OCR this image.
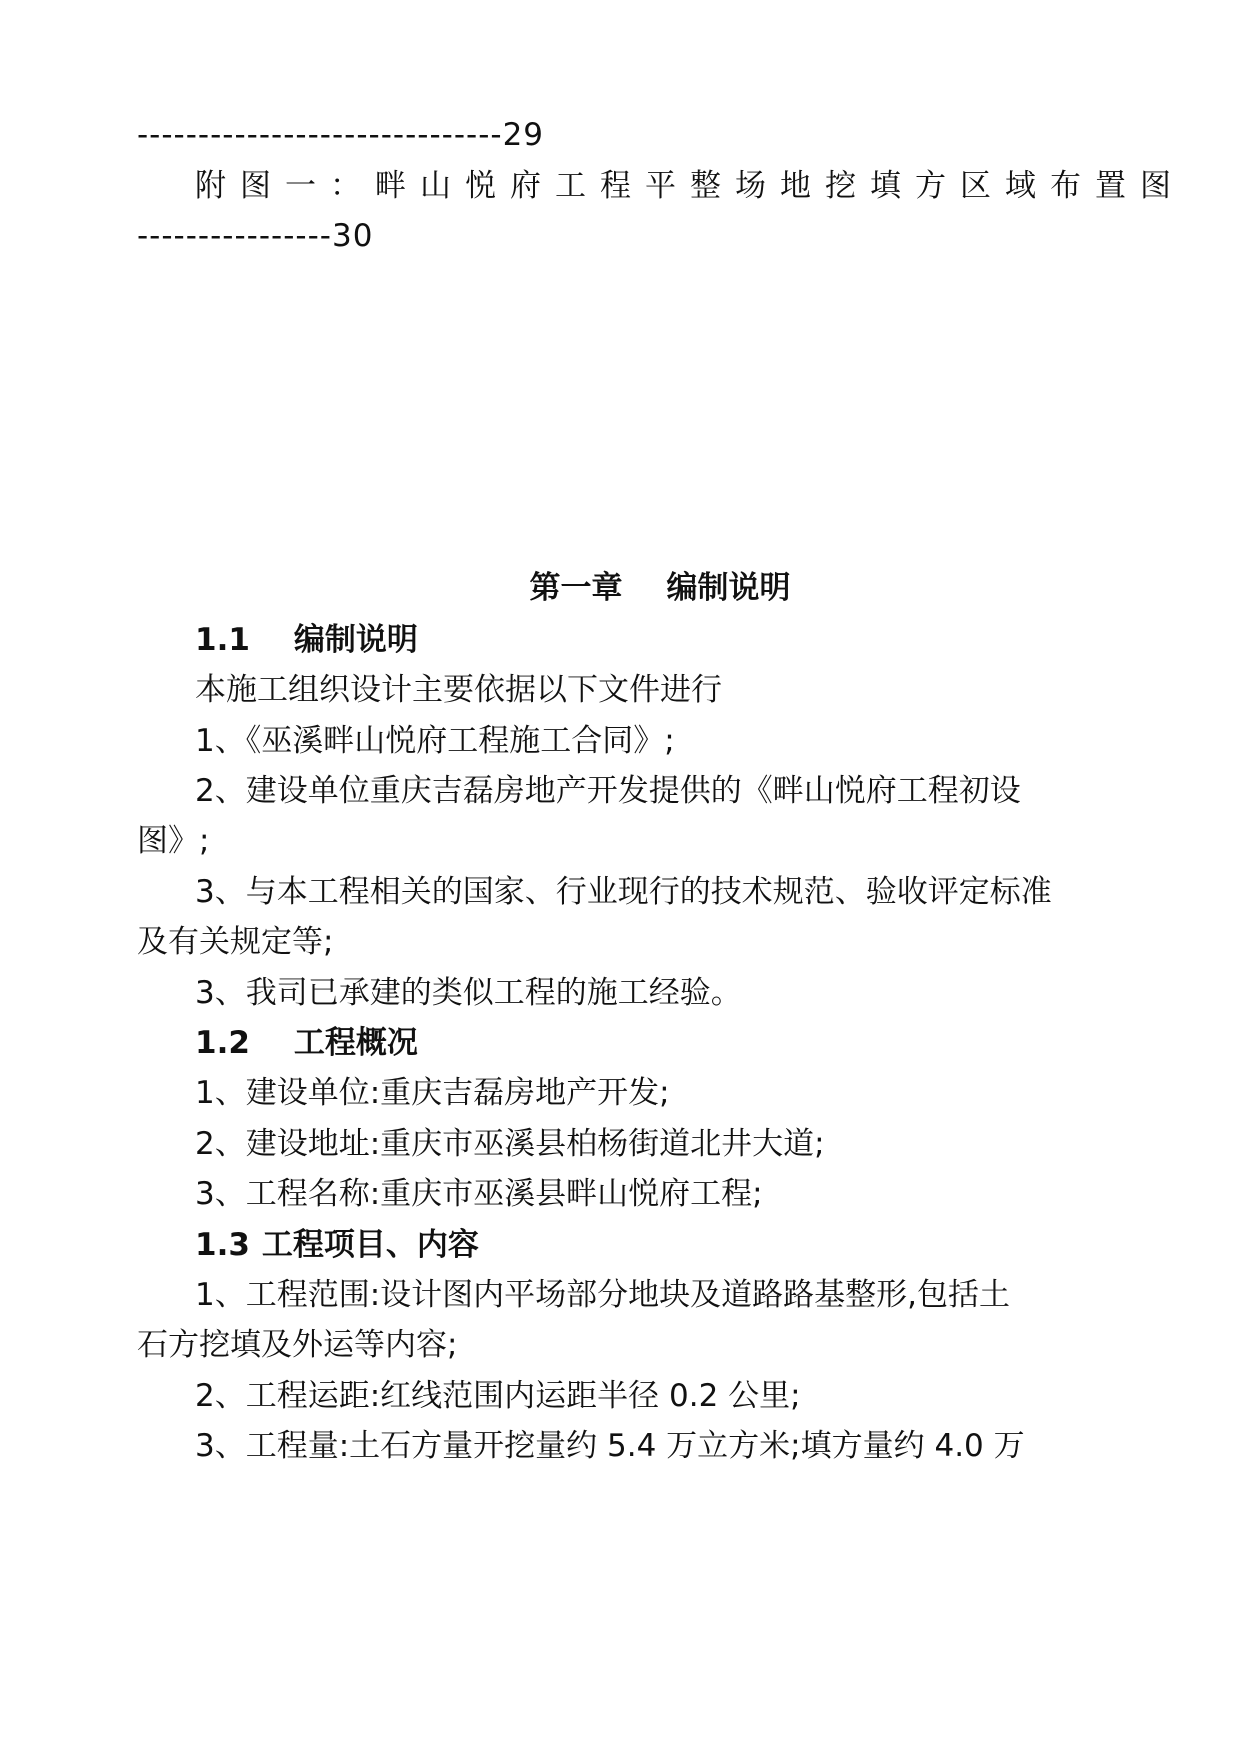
------------------------------29
附图一：畔山悦府工程平整场地挖填方区域布置图
----------------30
第一章 编制说明
1.1 编制说明
本施工组织设计主要依据以下文件进行
1、《巫溪畔山悦府工程施工合同》;
2、建设单位重庆吉磊房地产开发提供的《畔山悦府工程初设
图》;
3、与本工程相关的国家、行业现行的技术规范、验收评定标准
及有关规定等;
3、我司已承建的类似工程的施工经验。
1.2 工程概况
1、建设单位:重庆吉磊房地产开发;
2、建设地址:重庆市巫溪县柏杨街道北井大道;
3、工程名称:重庆市巫溪县畔山悦府工程;
1.3 工程项目、内容
1、工程范围:设计图内平场部分地块及道路路基整形,包括土
石方挖填及外运等内容;
2、工程运距:红线范围内运距半径 0.2 公里;
3、工程量:土石方量开挖量约 5.4 万立方米;填方量约 4.0 万
